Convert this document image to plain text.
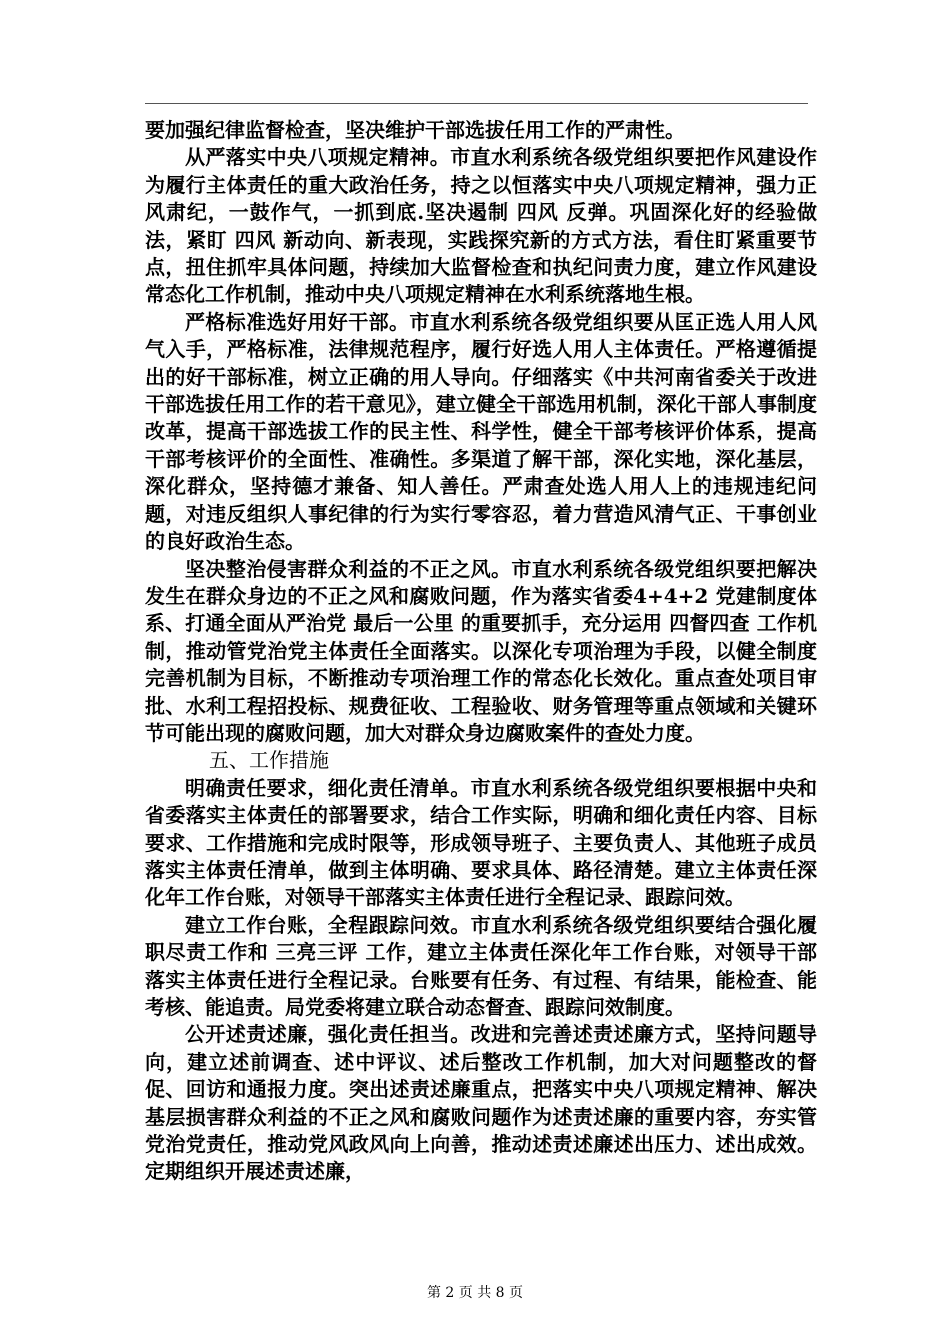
要加强纪律监督检查，坚决维护干部选拔任用工作的严肃性。

从严落实中央八项规定精神。市直水利系统各级党组织要把作风建设作为履行主体责任的重大政治任务，持之以恒落实中央八项规定精神，强力正风肃纪，一鼓作气，一抓到底.坚决遏制 四风 反弹。巩固深化好的经验做法，紧盯 四风 新动向、新表现，实践探究新的方式方法，看住盯紧重要节点，扭住抓牢具体问题，持续加大监督检查和执纪问责力度，建立作风建设常态化工作机制，推动中央八项规定精神在水利系统落地生根。

严格标准选好用好干部。市直水利系统各级党组织要从匡正选人用人风气入手，严格标准，法律规范程序，履行好选人用人主体责任。严格遵循提出的好干部标准，树立正确的用人导向。仔细落实《中共河南省委关于改进干部选拔任用工作的若干意见》，建立健全干部选用机制，深化干部人事制度改革，提高干部选拔工作的民主性、科学性，健全干部考核评价体系，提高干部考核评价的全面性、准确性。多渠道了解干部，深化实地，深化基层，深化群众，坚持德才兼备、知人善任。严肃查处选人用人上的违规违纪问题，对违反组织人事纪律的行为实行零容忍，着力营造风清气正、干事创业的良好政治生态。

坚决整治侵害群众利益的不正之风。市直水利系统各级党组织要把解决发生在群众身边的不正之风和腐败问题，作为落实省委4+4+2 党建制度体系、打通全面从严治党 最后一公里 的重要抓手，充分运用 四督四查 工作机制，推动管党治党主体责任全面落实。以深化专项治理为手段，以健全制度完善机制为目标，不断推动专项治理工作的常态化长效化。重点查处项目审批、水利工程招投标、规费征收、工程验收、财务管理等重点领域和关键环节可能出现的腐败问题，加大对群众身边腐败案件的查处力度。

五、工作措施

明确责任要求，细化责任清单。市直水利系统各级党组织要根据中央和省委落实主体责任的部署要求，结合工作实际，明确和细化责任内容、目标要求、工作措施和完成时限等，形成领导班子、主要负责人、其他班子成员落实主体责任清单，做到主体明确、要求具体、路径清楚。建立主体责任深化年工作台账，对领导干部落实主体责任进行全程记录、跟踪问效。

建立工作台账，全程跟踪问效。市直水利系统各级党组织要结合强化履职尽责工作和 三亮三评 工作，建立主体责任深化年工作台账，对领导干部落实主体责任进行全程记录。台账要有任务、有过程、有结果，能检查、能考核、能追责。局党委将建立联合动态督查、跟踪问效制度。

公开述责述廉，强化责任担当。改进和完善述责述廉方式，坚持问题导向，建立述前调查、述中评议、述后整改工作机制，加大对问题整改的督促、回访和通报力度。突出述责述廉重点，把落实中央八项规定精神、解决基层损害群众利益的不正之风和腐败问题作为述责述廉的重要内容，夯实管党治党责任，推动党风政风向上向善，推动述责述廉述出压力、述出成效。定期组织开展述责述廉，

第 2 页 共 8 页
